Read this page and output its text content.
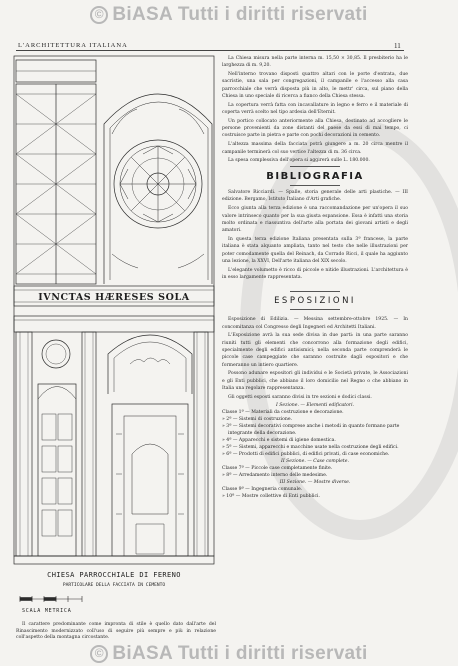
© BiASA Tutti i diritti riservati
L'ARCHITETTURA ITALIANA	11
IVNCTAS HÆRESES SOLA
CHIESA PARROCCHIALE DI FERENO
PARTICOLARE DELLA FACCIATA IN CEMENTO
SCALA METRICA
Il carattere predominante come impronta di stile è quello dato dall'arte del Rinascimento modernizzato coll'uso di seguire più sempre e più in relazione coll'aspetto della montagna circostante.
La Chiesa misura nella parte interna m. 15,50 × 30,85. Il presbiterio ha le larghezza di m. 9,20.
Nell'interno trovano disposti quattro altari con le porte d'entrata, due sacristie, una sala per congregazioni, il campanile e l'accesso alla casa parrocchiale che verrà disposta più in alto, le mettr' circa, sul piano della Chiesa in uno speciale di ricerca a fianco della Chiesa stessa.
La copertura verrà fatta con incavallature in legno e ferro e il materiale di coperta verrà scelto nel tipo ardesia dell'Eternit.
Un portico collocato anteriormente alla Chiesa, destinato ad accogliere le persone provenienti da zone distanti del paese da essi di mai tempo, ci costruisce parte in pietra e parte con pochi decorazioni in cemento.
L'altezza massima della facciata potrà giungere a m. 20 circa mentre il campanile terminerà col suo vertice l'altezza di m. 36 circa.
La spesa complessiva dell'opera si aggirerà sulle L. 180.000.
BIBLIOGRAFIA
Salvatore Ricciardi. — Spalle, storia generale delle arti plastiche. — III edizione. Bergamo, Istituto Italiano d'Arti grafiche.
Ecco giunta alla terza edizione è una raccomandazione per un'opera il suo valore intrinseco quanto per la sua giusta espansione. Essa è infatti una storia molto ordinata e riassuntiva dell'arte alla portata dei giovani artisti e degli amatori.
In questa terza edizione Italiana presentata sulla 3ª francese, la parte italiana è stata alquanto ampliata, tanto nel testo che nelle illustrazioni per poter comodamente quella del Reinach, da Corrado Ricci, il quale ha aggiunto una lezione, la XXVI, Dell'arte italiana del XIX secolo.
L'elegante volumetto è ricco di piccole e nitide illustrazioni. L'architettura è in esso largamente rappresentata.
ESPOSIZIONI
Esposizione di Edilizia. — Messina settembre-ottobre 1925. — In concomitanza col Congresso degli Ingegneri ed Architetti Italiani.
L'Esposizione avrà la sua sede divisa in due parti: in una parte saranno riuniti tutti gli elementi che concorrono alla formazione degli edifici, specialmente degli edifici antisismici; nella seconda parte comprenderà le piccole case campeggiate che saranno costruite dagli espositori e che formeranno un intiero quartiere.
Possono adunare espositori gli individui e le Società private, le Associazioni e gli Enti pubblici, che abbiano il loro domicilio nel Regno o che abbiano in Italia una regolare rappresentanza.
Gli oggetti esposti saranno divisi in tre sezioni e dodici classi.
I Sezione. — Elementi edificatori.
Classe 1ª — Materiali da costruzione e decorazione.
» 2ª — Sistemi di costruzione.
» 3ª — Sistemi decorativi comprese anche i metodi in quanto formano parte integrante della decorazione.
» 4ª — Apparecchi e sistemi di igiene domestica.
» 5ª — Sistemi, apparecchi e macchine usate nella costruzione degli edifici.
» 6ª — Prodotti di edifici pubblici, di edifici privati, di case economiche.
II Sezione. — Case complete.
Classe 7ª — Piccole case completamente finite.
» 8ª — Arredamento interno delle medesime.
III Sezione. — Mostre diverse.
Classe 9ª — Ingegneria comunale.
» 10ª — Mostre collettive di Enti pubblici.
© BiASA Tutti i diritti riservati
